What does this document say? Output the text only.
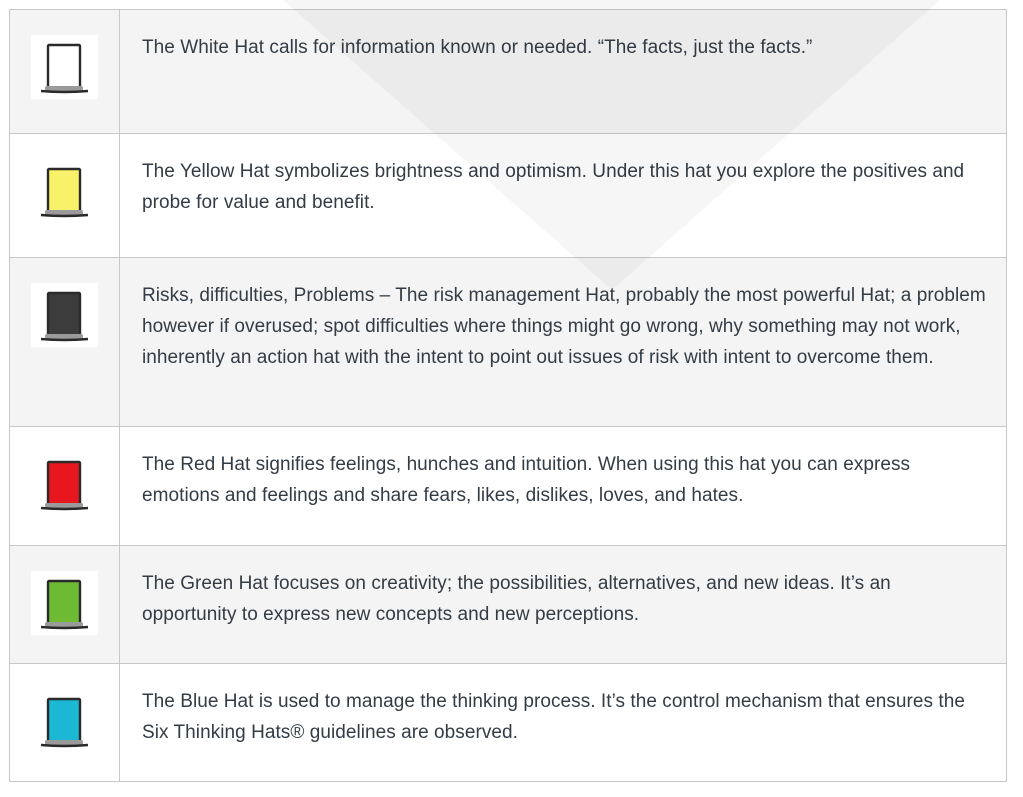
	The White Hat calls for information known or needed. “The facts, just the facts.”

	The Yellow Hat symbolizes brightness and optimism. Under this hat you explore the positives and probe for value and benefit.

	Risks, difficulties, Problems – The risk management Hat, probably the most powerful Hat; a problem however if overused; spot difficulties where things might go wrong, why something may not work, inherently an action hat with the intent to point out issues of risk with intent to overcome them.

	The Red Hat signifies feelings, hunches and intuition. When using this hat you can express emotions and feelings and share fears, likes, dislikes, loves, and hates.

	The Green Hat focuses on creativity; the possibilities, alternatives, and new ideas. It’s an opportunity to express new concepts and new perceptions.

	The Blue Hat is used to manage the thinking process. It’s the control mechanism that ensures the Six Thinking Hats® guidelines are observed.
